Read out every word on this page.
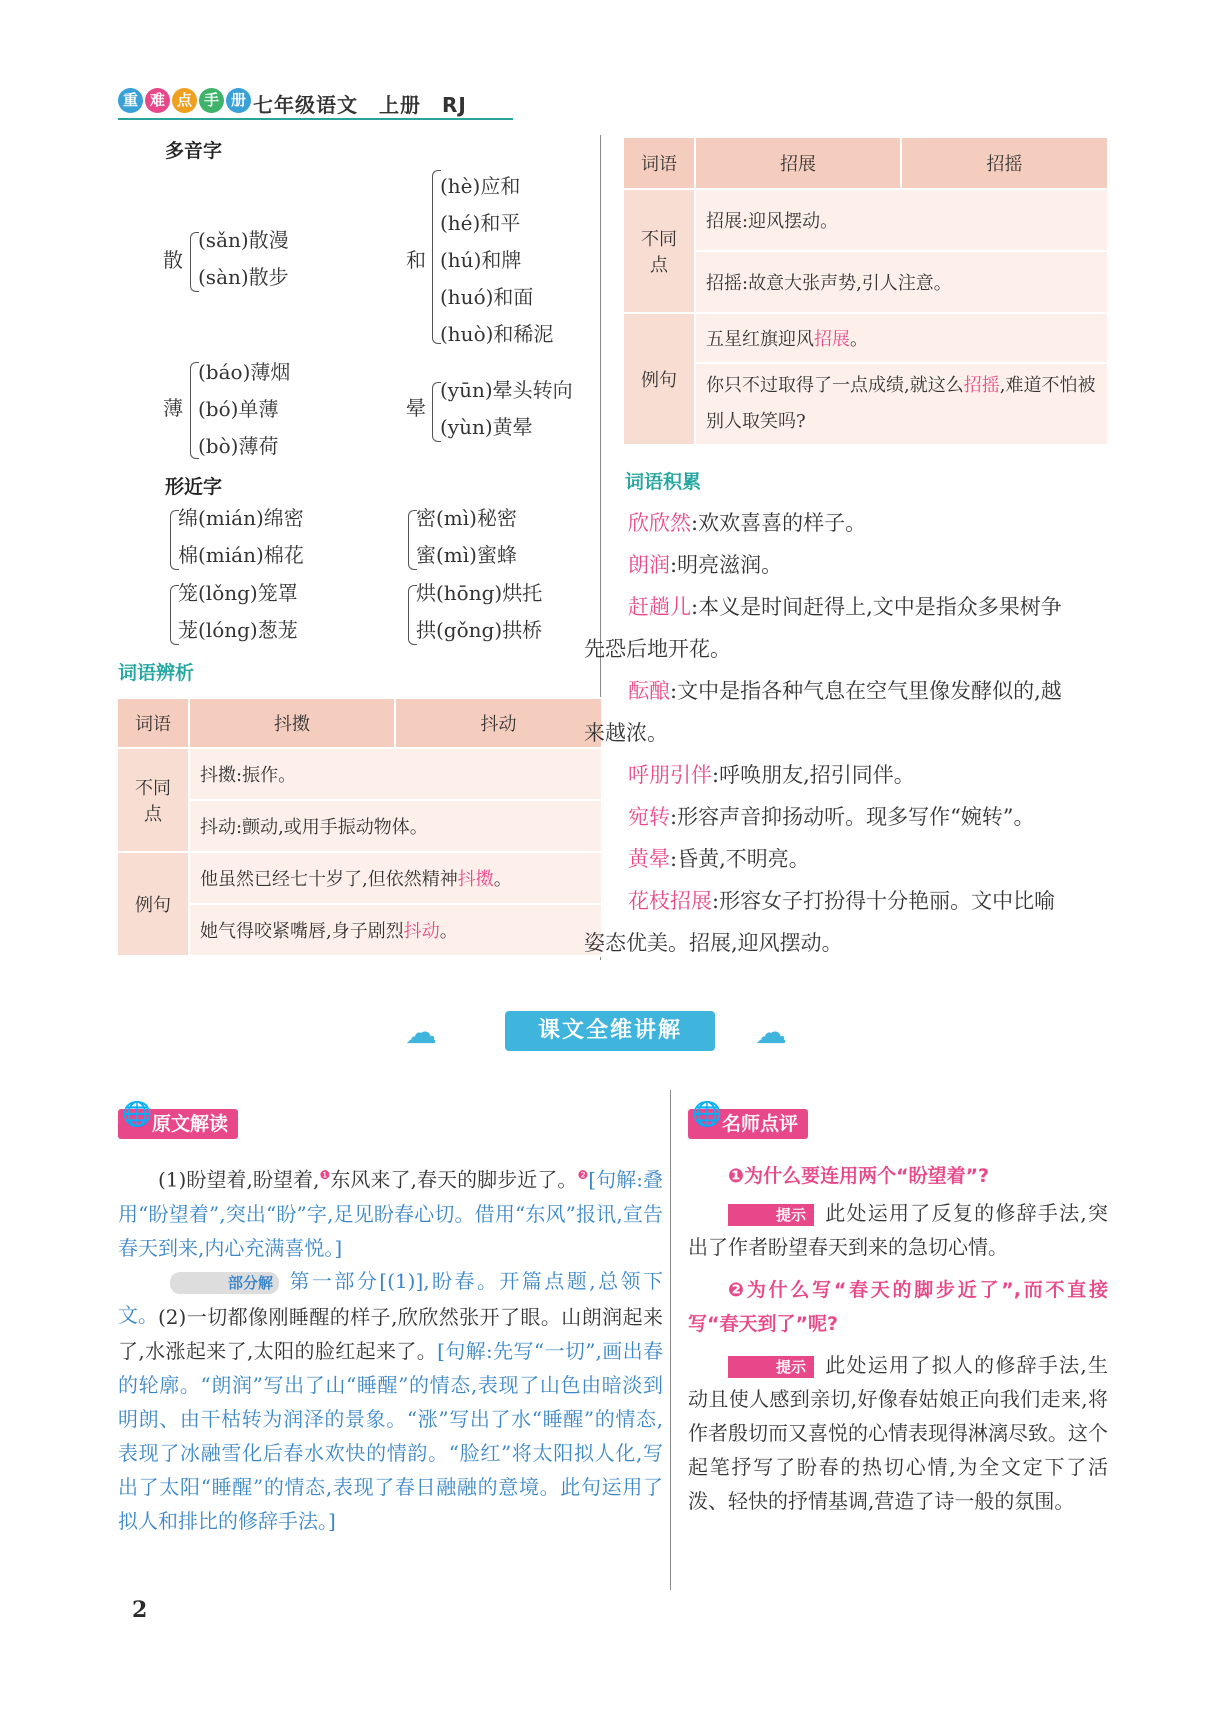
重 难 点 手 册 七年级语文　上册　RJ
多音字
散
(sǎn)散漫
(sàn)散步
和
(hè)应和
(hé)和平
(hú)和牌
(huó)和面
(huò)和稀泥
薄
(báo)薄烟
(bó)单薄
(bò)薄荷
晕
(yūn)晕头转向
(yùn)黄晕
形近字
绵(mián)绵密
棉(mián)棉花
密(mì)秘密
蜜(mì)蜜蜂
笼(lǒng)笼罩
茏(lóng)葱茏
烘(hōng)烘托
拱(gǒng)拱桥
词语辨析
词语	抖擞	抖动
不同点	抖擞:振作。	
	抖动:颤动,或用手振动物体。	
例句	他虽然已经七十岁了,但依然精神抖擞。	
	她气得咬紧嘴唇,身子剧烈抖动。	
词语	招展	招摇
不同点	招展:迎风摆动。	
	招摇:故意大张声势,引人注意。	
例句	五星红旗迎风招展。	
	你只不过取得了一点成绩,就这么招摇,难道不怕被别人取笑吗?	
词语积累
欣欣然:欢欢喜喜的样子。
朗润:明亮滋润。
赶趟儿:本义是时间赶得上,文中是指众多果树争先恐后地开花。
酝酿:文中是指各种气息在空气里像发酵似的,越来越浓。
呼朋引伴:呼唤朋友,招引同伴。
宛转:形容声音抑扬动听。现多写作“婉转”。
黄晕:昏黄,不明亮。
花枝招展:形容女子打扮得十分艳丽。文中比喻姿态优美。招展,迎风摆动。
☁	课文全维讲解	☁
🌐 原文解读
(1)盼望着,盼望着,$^❶$东风来了,春天的脚步近了。$^❷$[句解:叠用“盼望着”,突出“盼”字,足见盼春心切。借用“东风”报讯,宣告春天到来,内心充满喜悦。]
部分解 第一部分[(1)],盼春。开篇点题,总领下文。 (2)一切都像刚睡醒的样子,欣欣然张开了眼。山朗润起来了,水涨起来了,太阳的脸红起来了。[句解:先写“一切”,画出春的轮廓。“朗润”写出了山“睡醒”的情态,表现了山色由暗淡到明朗、由干枯转为润泽的景象。“涨”写出了水“睡醒”的情态,表现了冰融雪化后春水欢快的情韵。“脸红”将太阳拟人化,写出了太阳“睡醒”的情态,表现了春日融融的意境。此句运用了拟人和排比的修辞手法。]
🌐 名师点评
❶为什么要连用两个“盼望着”?
提示 此处运用了反复的修辞手法,突出了作者盼望春天到来的急切心情。
❷为什么写“春天的脚步近了”,而不直接写“春天到了”呢?
提示 此处运用了拟人的修辞手法,生动且使人感到亲切,好像春姑娘正向我们走来,将作者殷切而又喜悦的心情表现得淋漓尽致。这个起笔抒写了盼春的热切心情,为全文定下了活泼、轻快的抒情基调,营造了诗一般的氛围。
2
